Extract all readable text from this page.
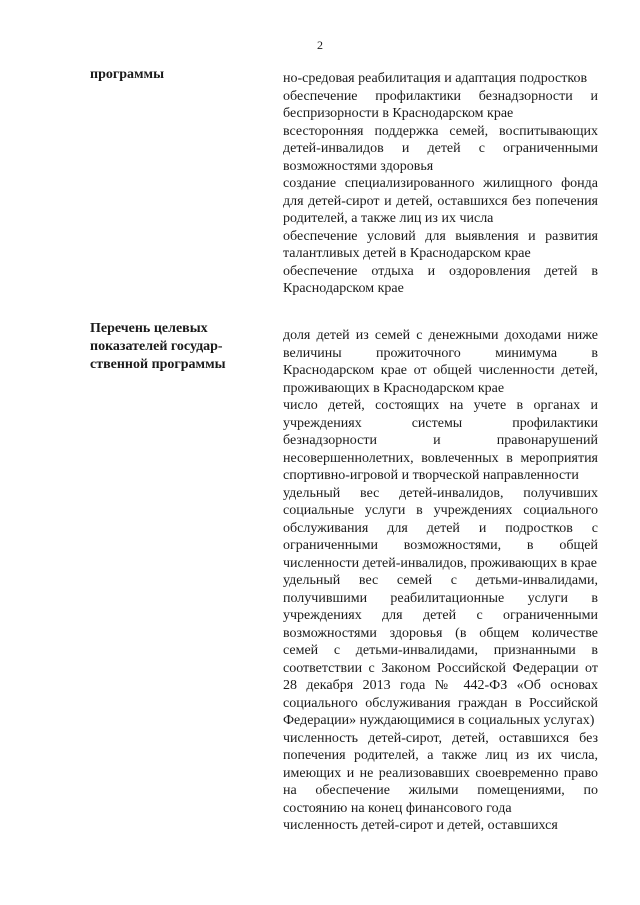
2
программы	но-средовая реабилитация и адаптация подростков
обеспечение профилактики безнадзорности и беспризорности в Краснодарском крае
всесторонняя поддержка семей, воспитывающих детей-инвалидов и детей с ограниченными возможностями здоровья
создание специализированного жилищного фонда для детей-сирот и детей, оставшихся без попечения родителей, а также лиц из их числа
обеспечение условий для выявления и развития талантливых детей в Краснодарском крае
обеспечение отдыха и оздоровления детей в Краснодарском крае
Перечень целевых
показателей государ-
ственной программы
доля детей из семей с денежными доходами ниже величины прожиточного минимума в Краснодарском крае от общей численности детей, проживающих в Краснодарском крае
число детей, состоящих на учете в органах и учреждениях системы профилактики безнадзорности и правонарушений несовершеннолетних, вовлеченных в мероприятия спортивно-игровой и творческой направленности
удельный вес детей-инвалидов, получивших социальные услуги в учреждениях социального обслуживания для детей и подростков с ограниченными возможностями, в общей численности детей-инвалидов, проживающих в крае
удельный вес семей с детьми-инвалидами, получившими реабилитационные услуги в учреждениях для детей с ограниченными возможностями здоровья (в общем количестве семей с детьми-инвалидами, признанными в соответствии с Законом Российской Федерации от 28 декабря 2013 года № 442-ФЗ «Об основах социального обслуживания граждан в Российской Федерации» нуждающимися в социальных услугах)
численность детей-сирот, детей, оставшихся без попечения родителей, а также лиц из их числа, имеющих и не реализовавших своевременно право на обеспечение жилыми помещениями, по состоянию на конец финансового года
численность детей-сирот и детей, оставшихся
